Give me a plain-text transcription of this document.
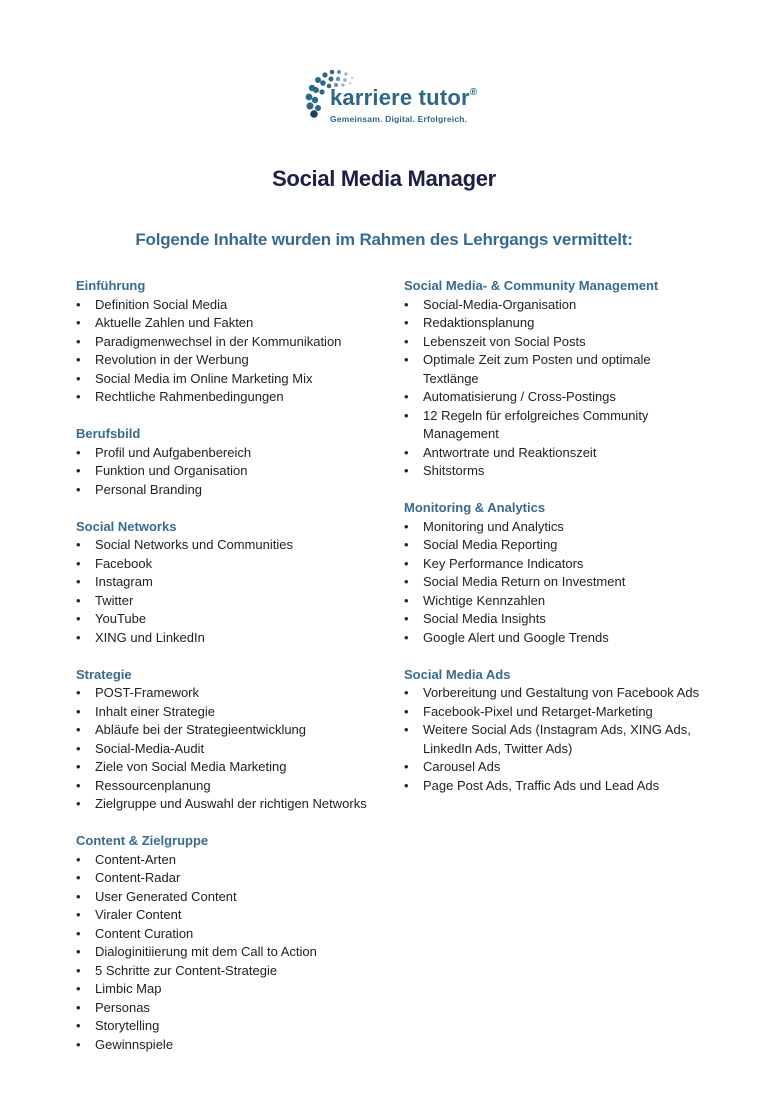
karriere tutor®
Gemeinsam. Digital. Erfolgreich.
Social Media Manager
Folgende Inhalte wurden im Rahmen des Lehrgangs vermittelt:
Einführung
• Definition Social Media
• Aktuelle Zahlen und Fakten
• Paradigmenwechsel in der Kommunikation
• Revolution in der Werbung
• Social Media im Online Marketing Mix
• Rechtliche Rahmenbedingungen
Berufsbild
• Profil und Aufgabenbereich
• Funktion und Organisation
• Personal Branding
Social Networks
• Social Networks und Communities
• Facebook
• Instagram
• Twitter
• YouTube
• XING und LinkedIn
Strategie
• POST-Framework
• Inhalt einer Strategie
• Abläufe bei der Strategieentwicklung
• Social-Media-Audit
• Ziele von Social Media Marketing
• Ressourcenplanung
• Zielgruppe und Auswahl der richtigen Networks
Content & Zielgruppe
• Content-Arten
• Content-Radar
• User Generated Content
• Viraler Content
• Content Curation
• Dialoginitiierung mit dem Call to Action
• 5 Schritte zur Content-Strategie
• Limbic Map
• Personas
• Storytelling
• Gewinnspiele
Social Media- & Community Management
• Social-Media-Organisation
• Redaktionsplanung
• Lebenszeit von Social Posts
• Optimale Zeit zum Posten und optimale Textlänge
• Automatisierung / Cross-Postings
• 12 Regeln für erfolgreiches Community Management
• Antwortrate und Reaktionszeit
• Shitstorms
Monitoring & Analytics
• Monitoring und Analytics
• Social Media Reporting
• Key Performance Indicators
• Social Media Return on Investment
• Wichtige Kennzahlen
• Social Media Insights
• Google Alert und Google Trends
Social Media Ads
• Vorbereitung und Gestaltung von Facebook Ads
• Facebook-Pixel und Retarget-Marketing
• Weitere Social Ads (Instagram Ads, XING Ads, LinkedIn Ads, Twitter Ads)
• Carousel Ads
• Page Post Ads, Traffic Ads und Lead Ads
